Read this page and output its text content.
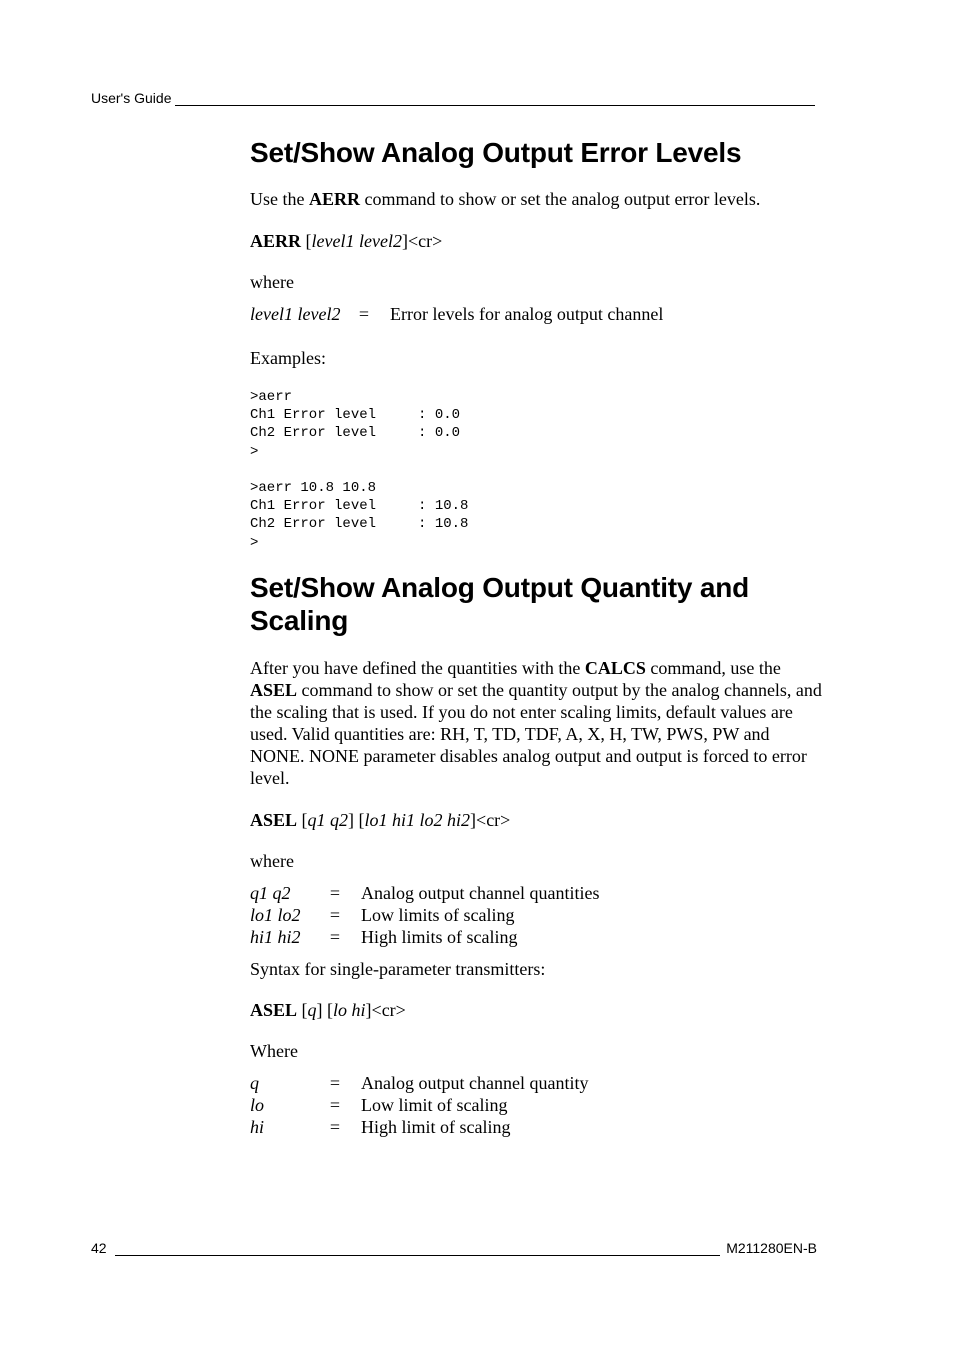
User's Guide
Set/Show Analog Output Error Levels

Use the AERR command to show or set the analog output error levels.

AERR [level1 level2]<cr>

where

level1 level2	=	Error levels for analog output channel

Examples:

>aerr
Ch1 Error level     : 0.0
Ch2 Error level     : 0.0
>
>aerr 10.8 10.8
Ch1 Error level     : 10.8
Ch2 Error level     : 10.8
>
Set/Show Analog Output Quantity and
Scaling

After you have defined the quantities with the CALCS command, use the ASEL command to show or set the quantity output by the analog channels, and the scaling that is used. If you do not enter scaling limits, default values are used. Valid quantities are: RH, T, TD, TDF, A, X, H, TW, PWS, PW and NONE. NONE parameter disables analog output and output is forced to error level.

ASEL [q1 q2] [lo1 hi1 lo2 hi2]<cr>

where

q1 q2	=	Analog output channel quantities
lo1 lo2	=	Low limits of scaling
hi1 hi2	=	High limits of scaling

Syntax for single-parameter transmitters:

ASEL [q] [lo hi]<cr>

Where

q	=	Analog output channel quantity
lo	=	Low limit of scaling
hi	=	High limit of scaling
42	M211280EN-B
